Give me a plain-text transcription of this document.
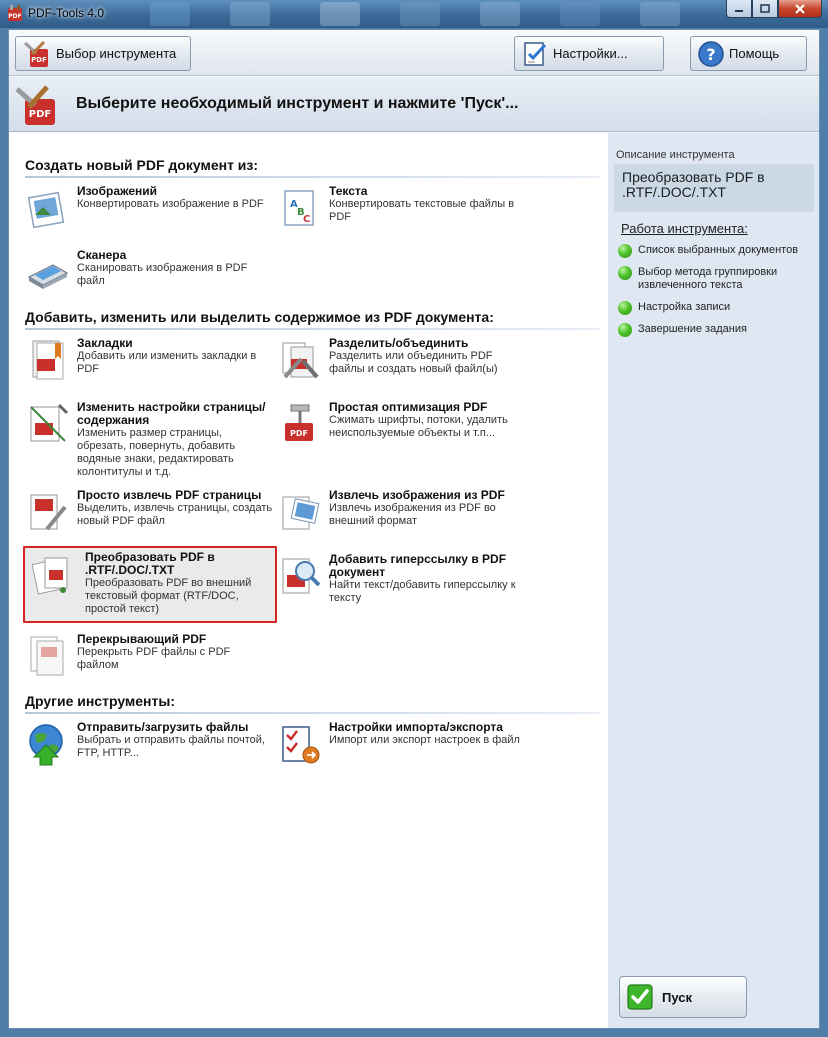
PDF PDF-Tools 4.0
PDF Выбор инструмента	Настройки...	? Помощь
PDF
Выберите необходимый инструмент и нажмите 'Пуск'...
Создать новый PDF документ из:
Изображений
Конвертировать изображение в PDF	A
B
C
Текста
Конвертировать текстовые файлы в PDF
Сканера
Сканировать изображения в PDF файл
Добавить, изменить или выделить содержимое из PDF документа:
Закладки
Добавить или изменить закладки в PDF
Разделить/объединить
Разделить или объединить PDF файлы и создать новый файл(ы)
Изменить настройки страницы/содержания
Изменить размер страницы, обрезать, повернуть, добавить водяные знаки, редактировать колонтитулы и т.д.
PDF
Простая оптимизация PDF
Сжимать шрифты, потоки, удалить неиспользуемые объекты и т.п...
Просто извлечь PDF страницы
Выделить, извлечь страницы, создать новый PDF файл
Извлечь изображения из PDF
Извлечь изображения из PDF во внешний формат
Преобразовать PDF в .RTF/.DOC/.TXT
Преобразовать PDF во внешний текстовый формат (RTF/DOC, простой текст)
Добавить гиперссылку в PDF документ
Найти текст/добавить гиперссылку к тексту
Перекрывающий PDF
Перекрыть PDF файлы с PDF файлом
Другие инструменты:
Отправить/загрузить файлы
Выбрать и отправить файлы почтой, FTP, HTTP...
Настройки импорта/экспорта
Импорт или экспорт настроек в файл
Описание инструмента
Преобразовать PDF в .RTF/.DOC/.TXT
Работа инструмента:
Список выбранных документов
Выбор метода группировки извлеченного текста
Настройка записи
Завершение задания
Пуск
